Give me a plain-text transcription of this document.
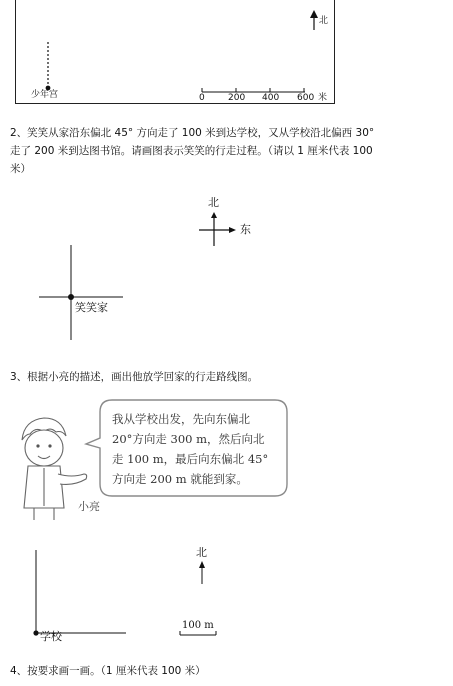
北
少年宫	0	200 400 600 米
2、笑笑从家沿东偏北 45° 方向走了 100 米到达学校，又从学校沿北偏西 30°
走了 200 米到达图书馆。请画图表示笑笑的行走过程。（请以 1 厘米代表 100
米）
北
东
笑笑家
3、根据小亮的描述，画出他放学回家的行走路线图。
我从学校出发，先向东偏北
20°方向走 300 m，然后向北
走 100 m，最后向东偏北 45°
方向走 200 m 就能到家。
小亮
北
学校
100 m
4、按要求画一画。（1 厘米代表 100 米）
